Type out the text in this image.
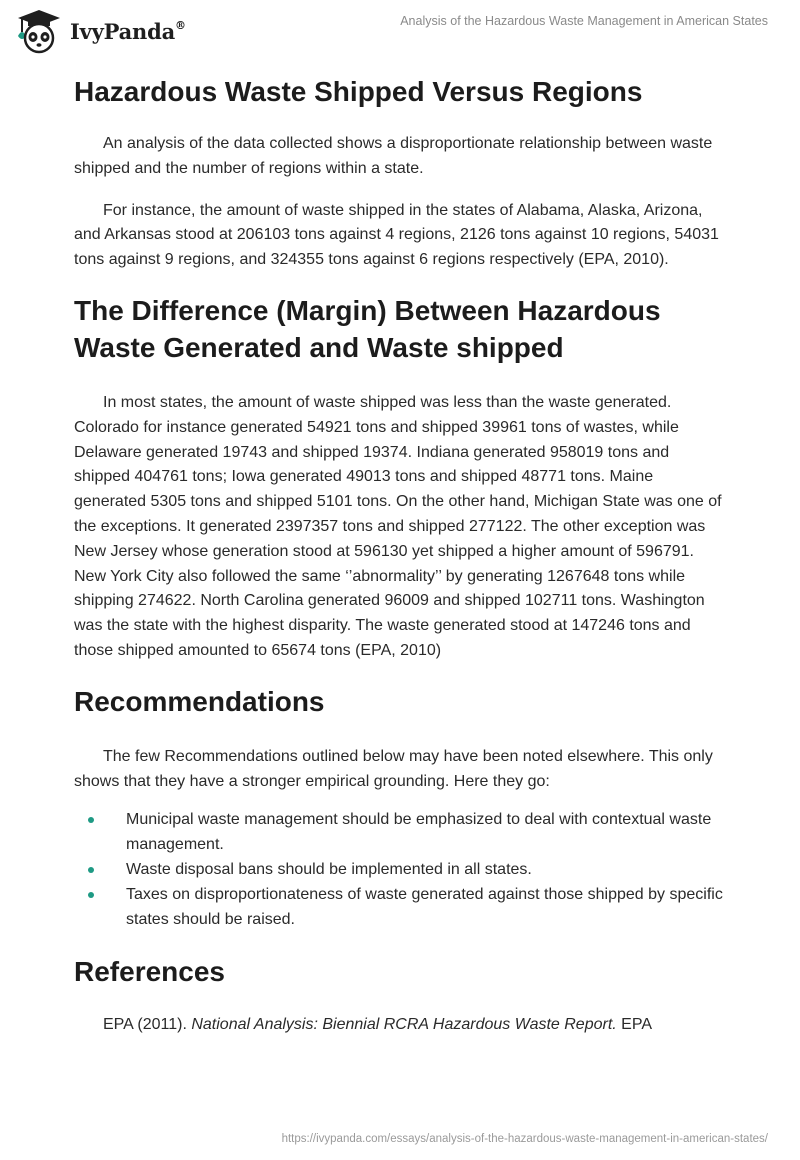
IvyPanda®	Analysis of the Hazardous Waste Management in American States
Hazardous Waste Shipped Versus Regions

An analysis of the data collected shows a disproportionate relationship between waste shipped and the number of regions within a state.

For instance, the amount of waste shipped in the states of Alabama, Alaska, Arizona, and Arkansas stood at 206103 tons against 4 regions, 2126 tons against 10 regions, 54031 tons against 9 regions, and 324355 tons against 6 regions respectively (EPA, 2010).

The Difference (Margin) Between Hazardous Waste Generated and Waste shipped

In most states, the amount of waste shipped was less than the waste generated. Colorado for instance generated 54921 tons and shipped 39961 tons of wastes, while Delaware generated 19743 and shipped 19374. Indiana generated 958019 tons and shipped 404761 tons; Iowa generated 49013 tons and shipped 48771 tons. Maine generated 5305 tons and shipped 5101 tons. On the other hand, Michigan State was one of the exceptions. It generated 2397357 tons and shipped 277122. The other exception was New Jersey whose generation stood at 596130 yet shipped a higher amount of 596791. New York City also followed the same ‘’abnormality’’ by generating 1267648 tons while shipping 274622. North Carolina generated 96009 and shipped 102711 tons. Washington was the state with the highest disparity. The waste generated stood at 147246 tons and those shipped amounted to 65674 tons (EPA, 2010)

Recommendations

The few Recommendations outlined below may have been noted elsewhere. This only shows that they have a stronger empirical grounding. Here they go:

Municipal waste management should be emphasized to deal with contextual waste management.
Waste disposal bans should be implemented in all states.
Taxes on disproportionateness of waste generated against those shipped by specific states should be raised.
References

EPA (2011). National Analysis: Biennial RCRA Hazardous Waste Report. EPA

https://ivypanda.com/essays/analysis-of-the-hazardous-waste-management-in-american-states/
